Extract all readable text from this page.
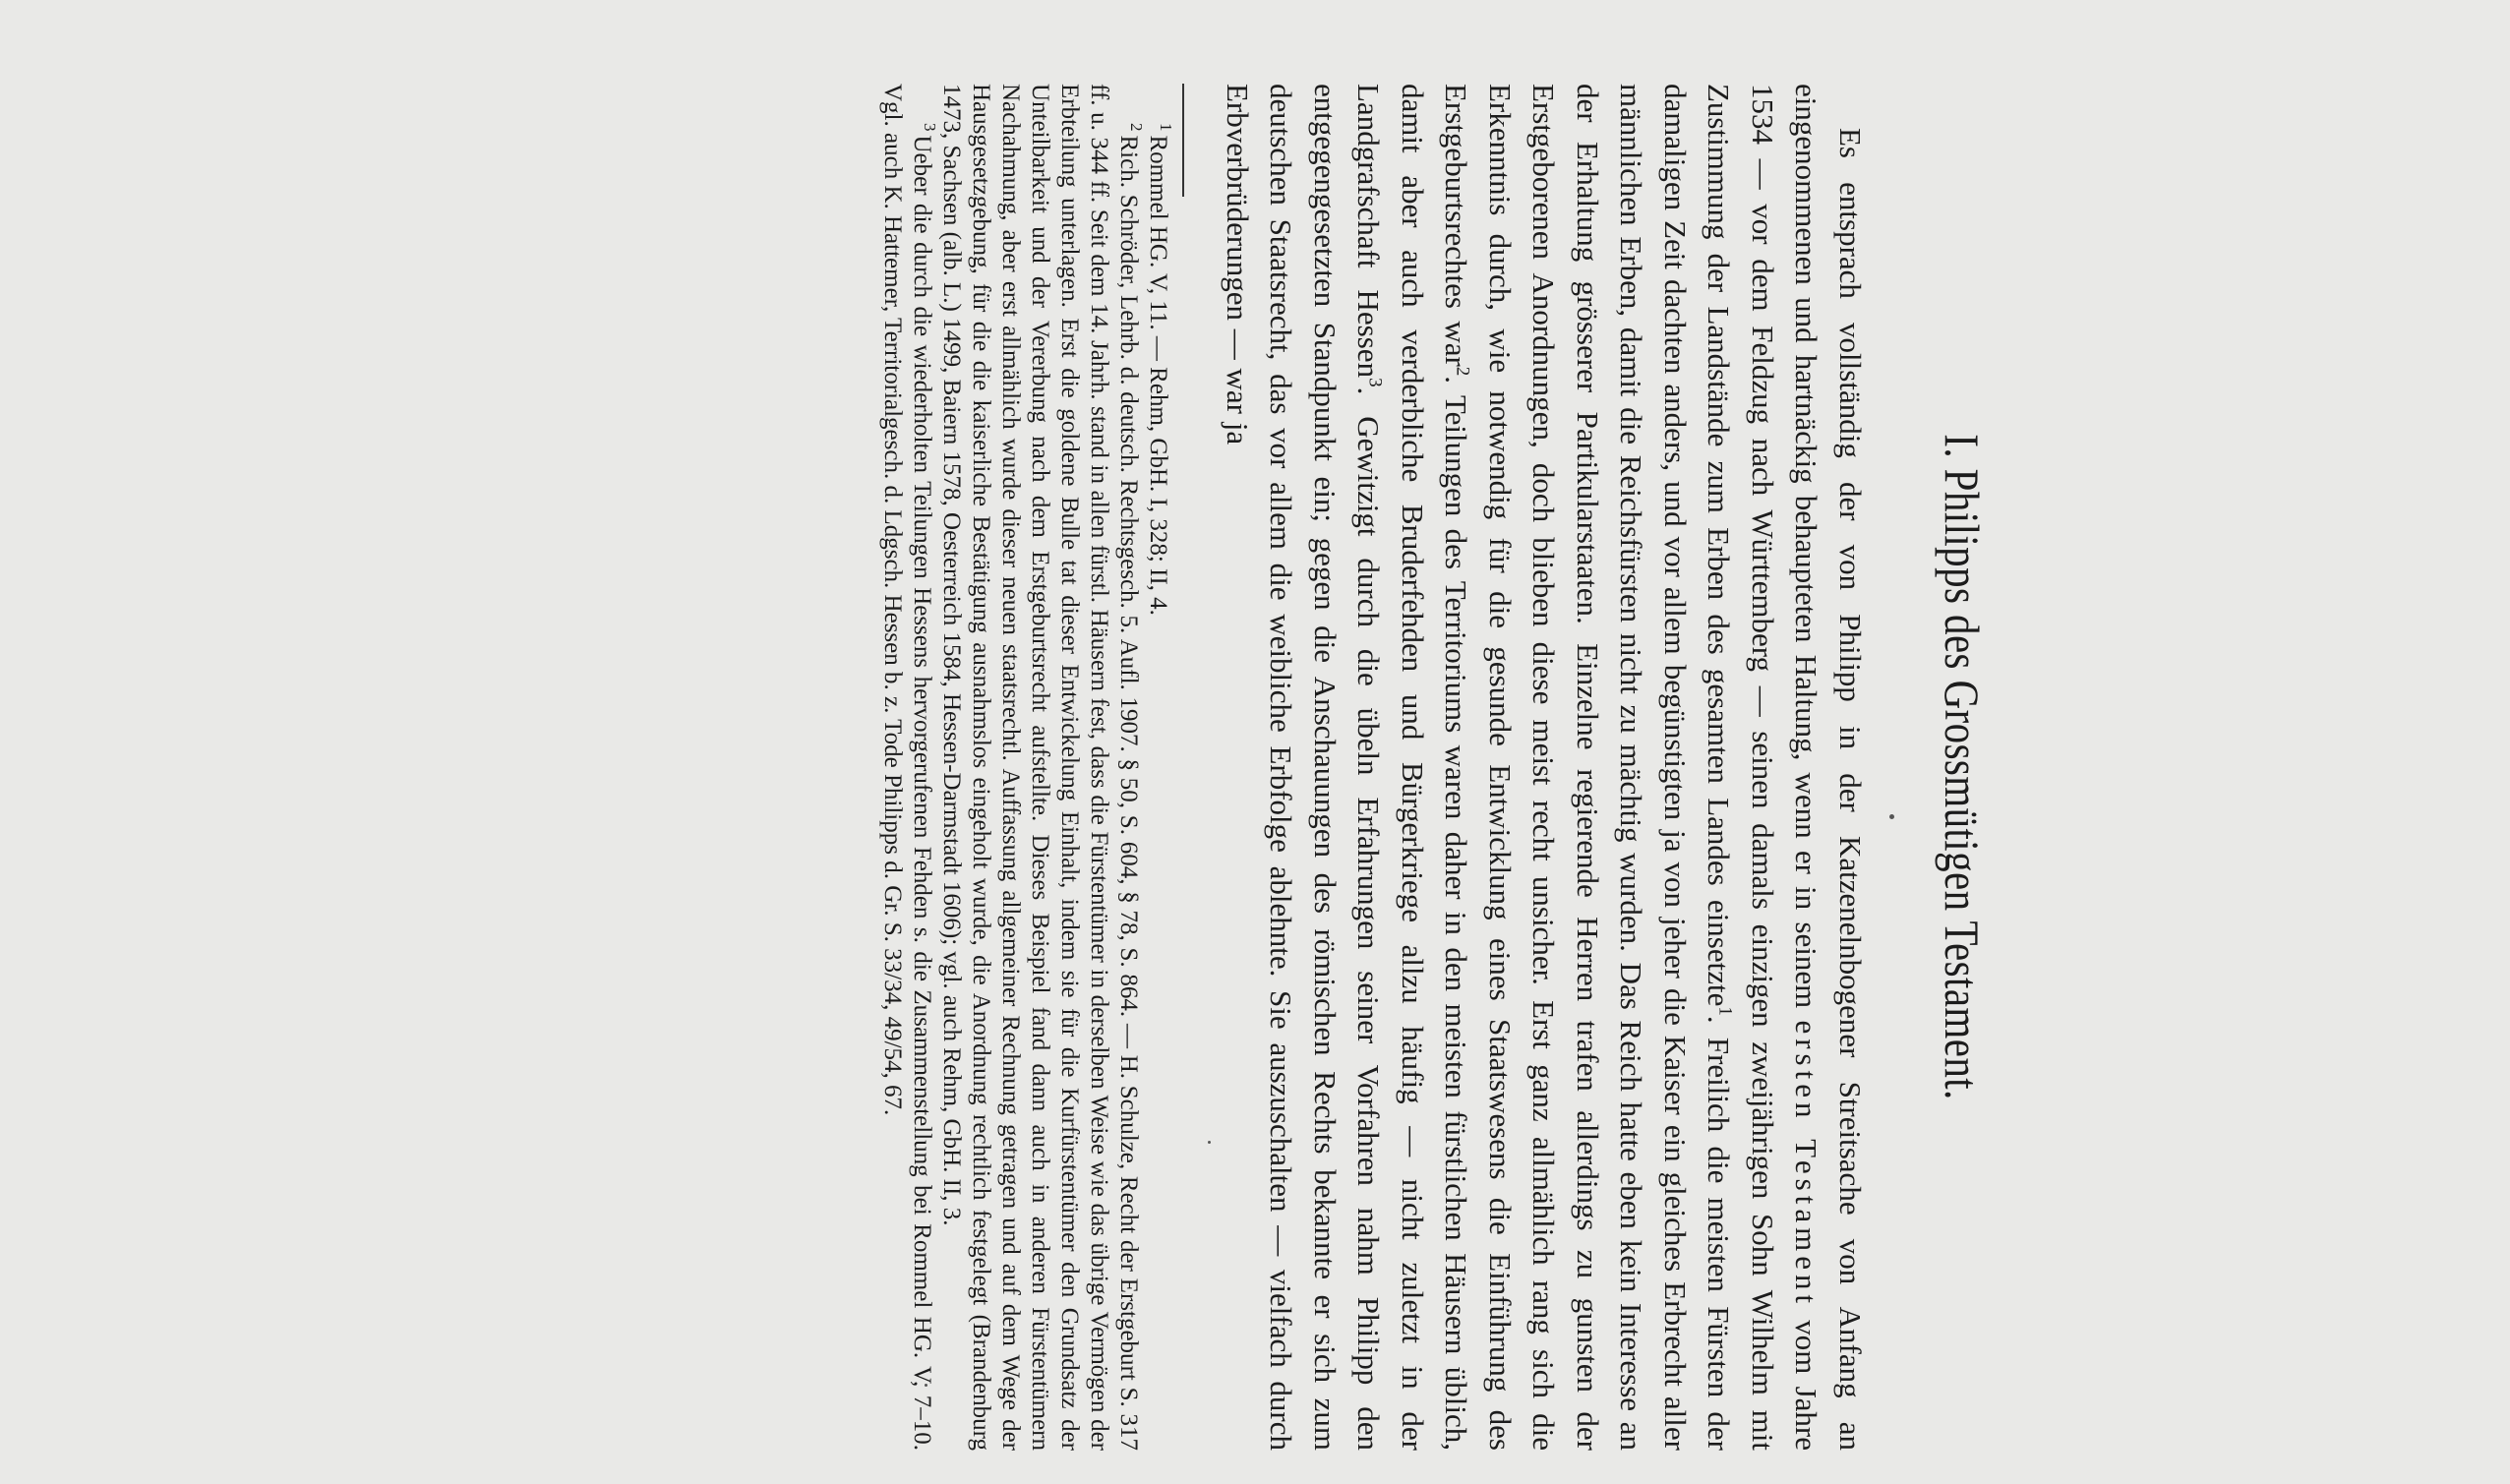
I. Philipps des Grossmütigen Testament.

Es entsprach vollständig der von Philipp in der Katzenelnbogener Streitsache von Anfang an eingenommenen und hartnäckig behaupteten Haltung, wenn er in seinem ersten Testament vom Jahre 1534 — vor dem Feldzug nach Württemberg — seinen damals einzigen zweijährigen Sohn Wilhelm mit Zustimmung der Landstände zum Erben des gesamten Landes einsetzte$^1$. Freilich die meisten Fürsten der damaligen Zeit dachten anders, und vor allem begünstigten ja von jeher die Kaiser ein gleiches Erbrecht aller männlichen Erben, damit die Reichsfürsten nicht zu mächtig wurden. Das Reich hatte eben kein Interesse an der Erhaltung grösserer Partikularstaaten. Einzelne regierende Herren trafen allerdings zu gunsten der Erstgeborenen Anordnungen, doch blieben diese meist recht unsicher. Erst ganz allmählich rang sich die Erkenntnis durch, wie notwendig für die gesunde Entwicklung eines Staatswesens die Einführung des Erstgeburtsrechtes war$^2$. Teilungen des Territoriums waren daher in den meisten fürstlichen Häusern üblich, damit aber auch verderbliche Bruderfehden und Bürgerkriege allzu häufig — nicht zuletzt in der Landgrafschaft Hessen$^3$. Gewitzigt durch die übeln Erfahrungen seiner Vorfahren nahm Philipp den entgegengesetzten Standpunkt ein; gegen die Anschauungen des römischen Rechts bekannte er sich zum deutschen Staatsrecht, das vor allem die weibliche Erbfolge ablehnte. Sie auszuschalten — vielfach durch Erbverbrüderungen — war ja

$^1$Rommel HG. V, 11. — Rehm, GbH. I, 328; II, 4.

$^2$Rich. Schröder, Lehrb. d. deutsch. Rechtsgesch. 5. Aufl. 1907. § 50, S. 604, § 78, S. 864. — H. Schulze, Recht der Erstgeburt S. 317 ff. u. 344 ff. Seit dem 14. Jahrh. stand in allen fürstl. Häusern fest, dass die Fürstentümer in derselben Weise wie das übrige Vermögen der Erbteilung unterlagen. Erst die goldene Bulle tat dieser Entwickelung Einhalt, indem sie für die Kurfürstentümer den Grundsatz der Unteilbarkeit und der Vererbung nach dem Erstgeburtsrecht aufstellte. Dieses Beispiel fand dann auch in anderen Fürstentümern Nachahmung, aber erst allmählich wurde dieser neuen staatsrechtl. Auffassung allgemeiner Rechnung getragen und auf dem Wege der Hausgesetzgebung, für die die kaiserliche Bestätigung ausnahmslos eingeholt wurde, die Anordnung rechtlich festgelegt (Brandenburg 1473, Sachsen (alb. L.) 1499, Baiern 1578, Oesterreich 1584, Hessen-Darmstadt 1606); vgl. auch Rehm, GbH. II, 3.

$^3$Ueber die durch die wiederholten Teilungen Hessens hervorgerufenen Fehden s. die Zusammenstellung bei Rommel HG. V, 7–10. Vgl. auch K. Hattemer, Territorialgesch. d. Ldgsch. Hessen b. z. Tode Philipps d. Gr. S. 33/34, 49/54, 67.
